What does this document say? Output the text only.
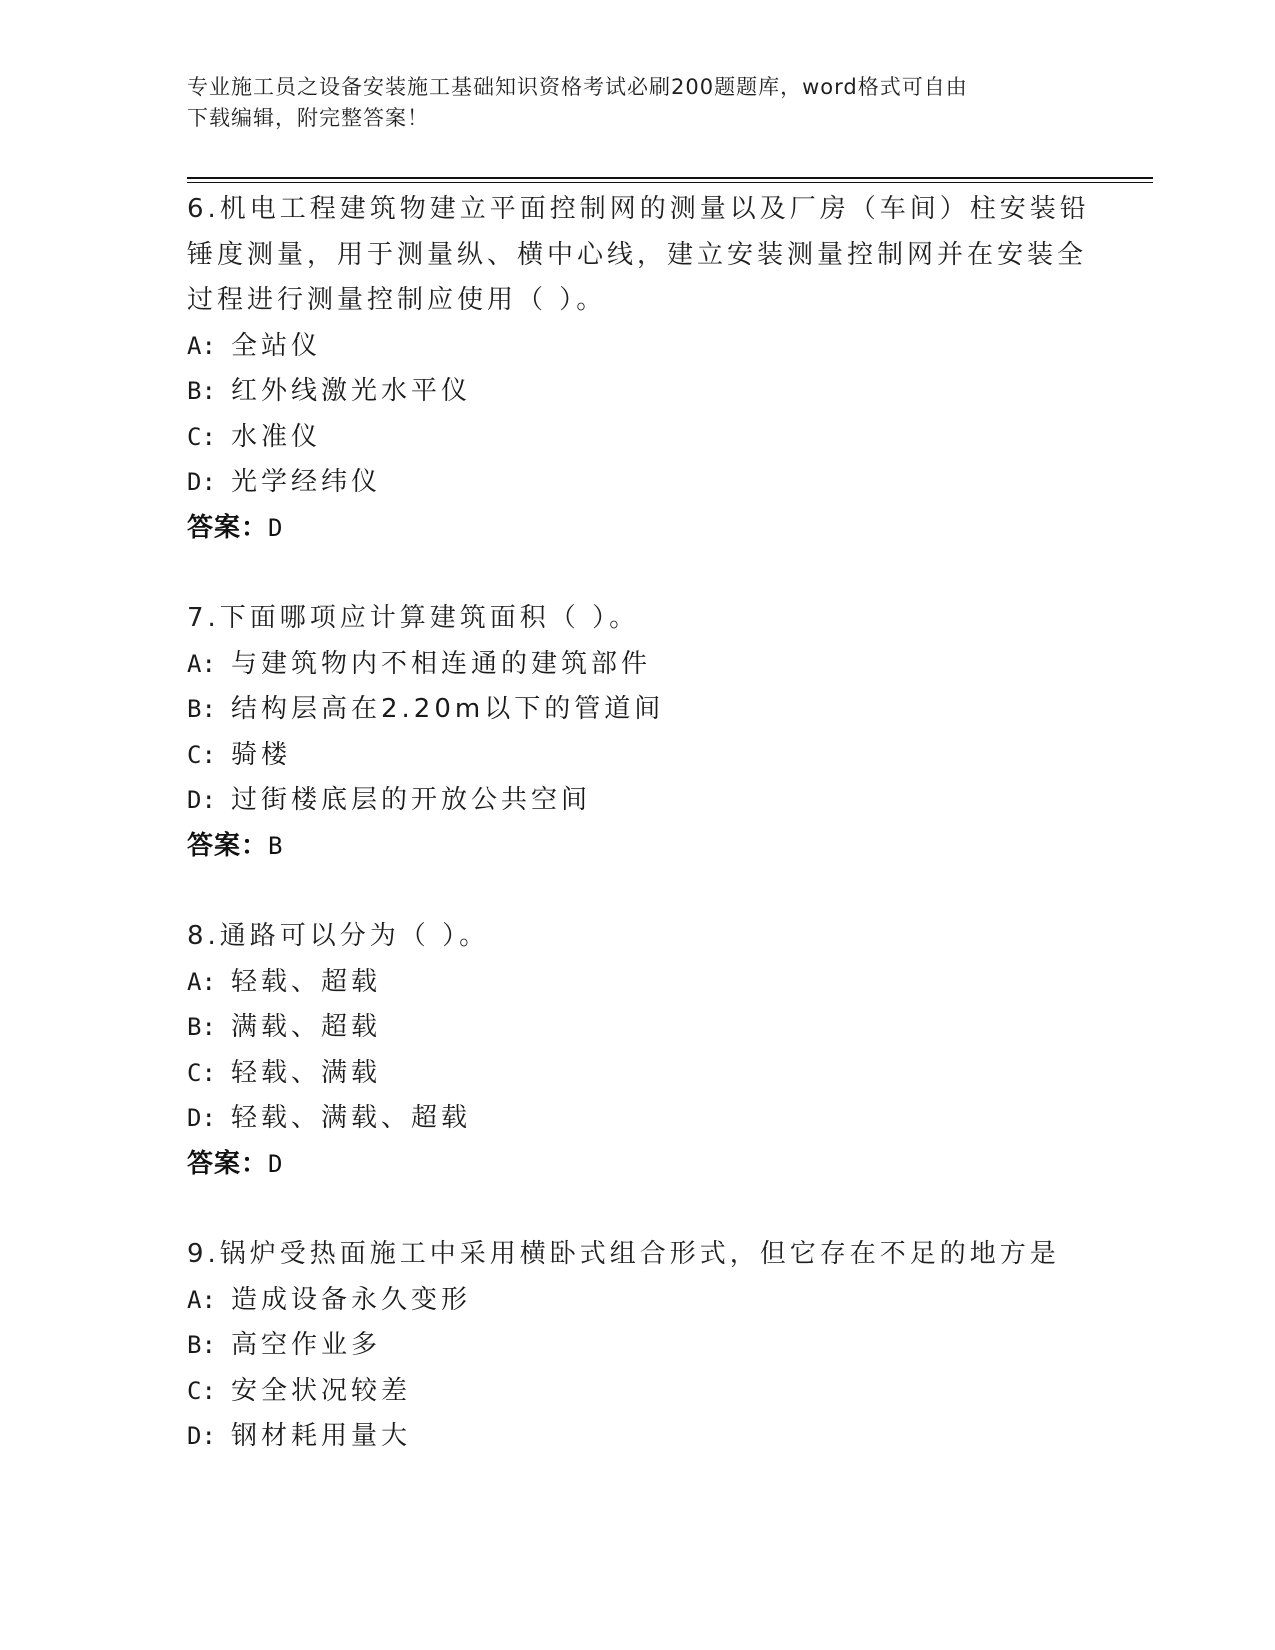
专业施工员之设备安装施工基础知识资格考试必刷200题题库，word格式可自由
下载编辑，附完整答案！
6.机电工程建筑物建立平面控制网的测量以及厂房（车间）柱安装铅
锤度测量，用于测量纵、横中心线，建立安装测量控制网并在安装全
过程进行测量控制应使用（ ）。
A: 全站仪
B: 红外线激光水平仪
C: 水准仪
D: 光学经纬仪
答案：D
7.下面哪项应计算建筑面积（ ）。
A: 与建筑物内不相连通的建筑部件
B: 结构层高在2.20m以下的管道间
C: 骑楼
D: 过街楼底层的开放公共空间
答案：B
8.通路可以分为（ ）。
A: 轻载、超载
B: 满载、超载
C: 轻载、满载
D: 轻载、满载、超载
答案：D
9.锅炉受热面施工中采用横卧式组合形式，但它存在不足的地方是
A: 造成设备永久变形
B: 高空作业多
C: 安全状况较差
D: 钢材耗用量大
